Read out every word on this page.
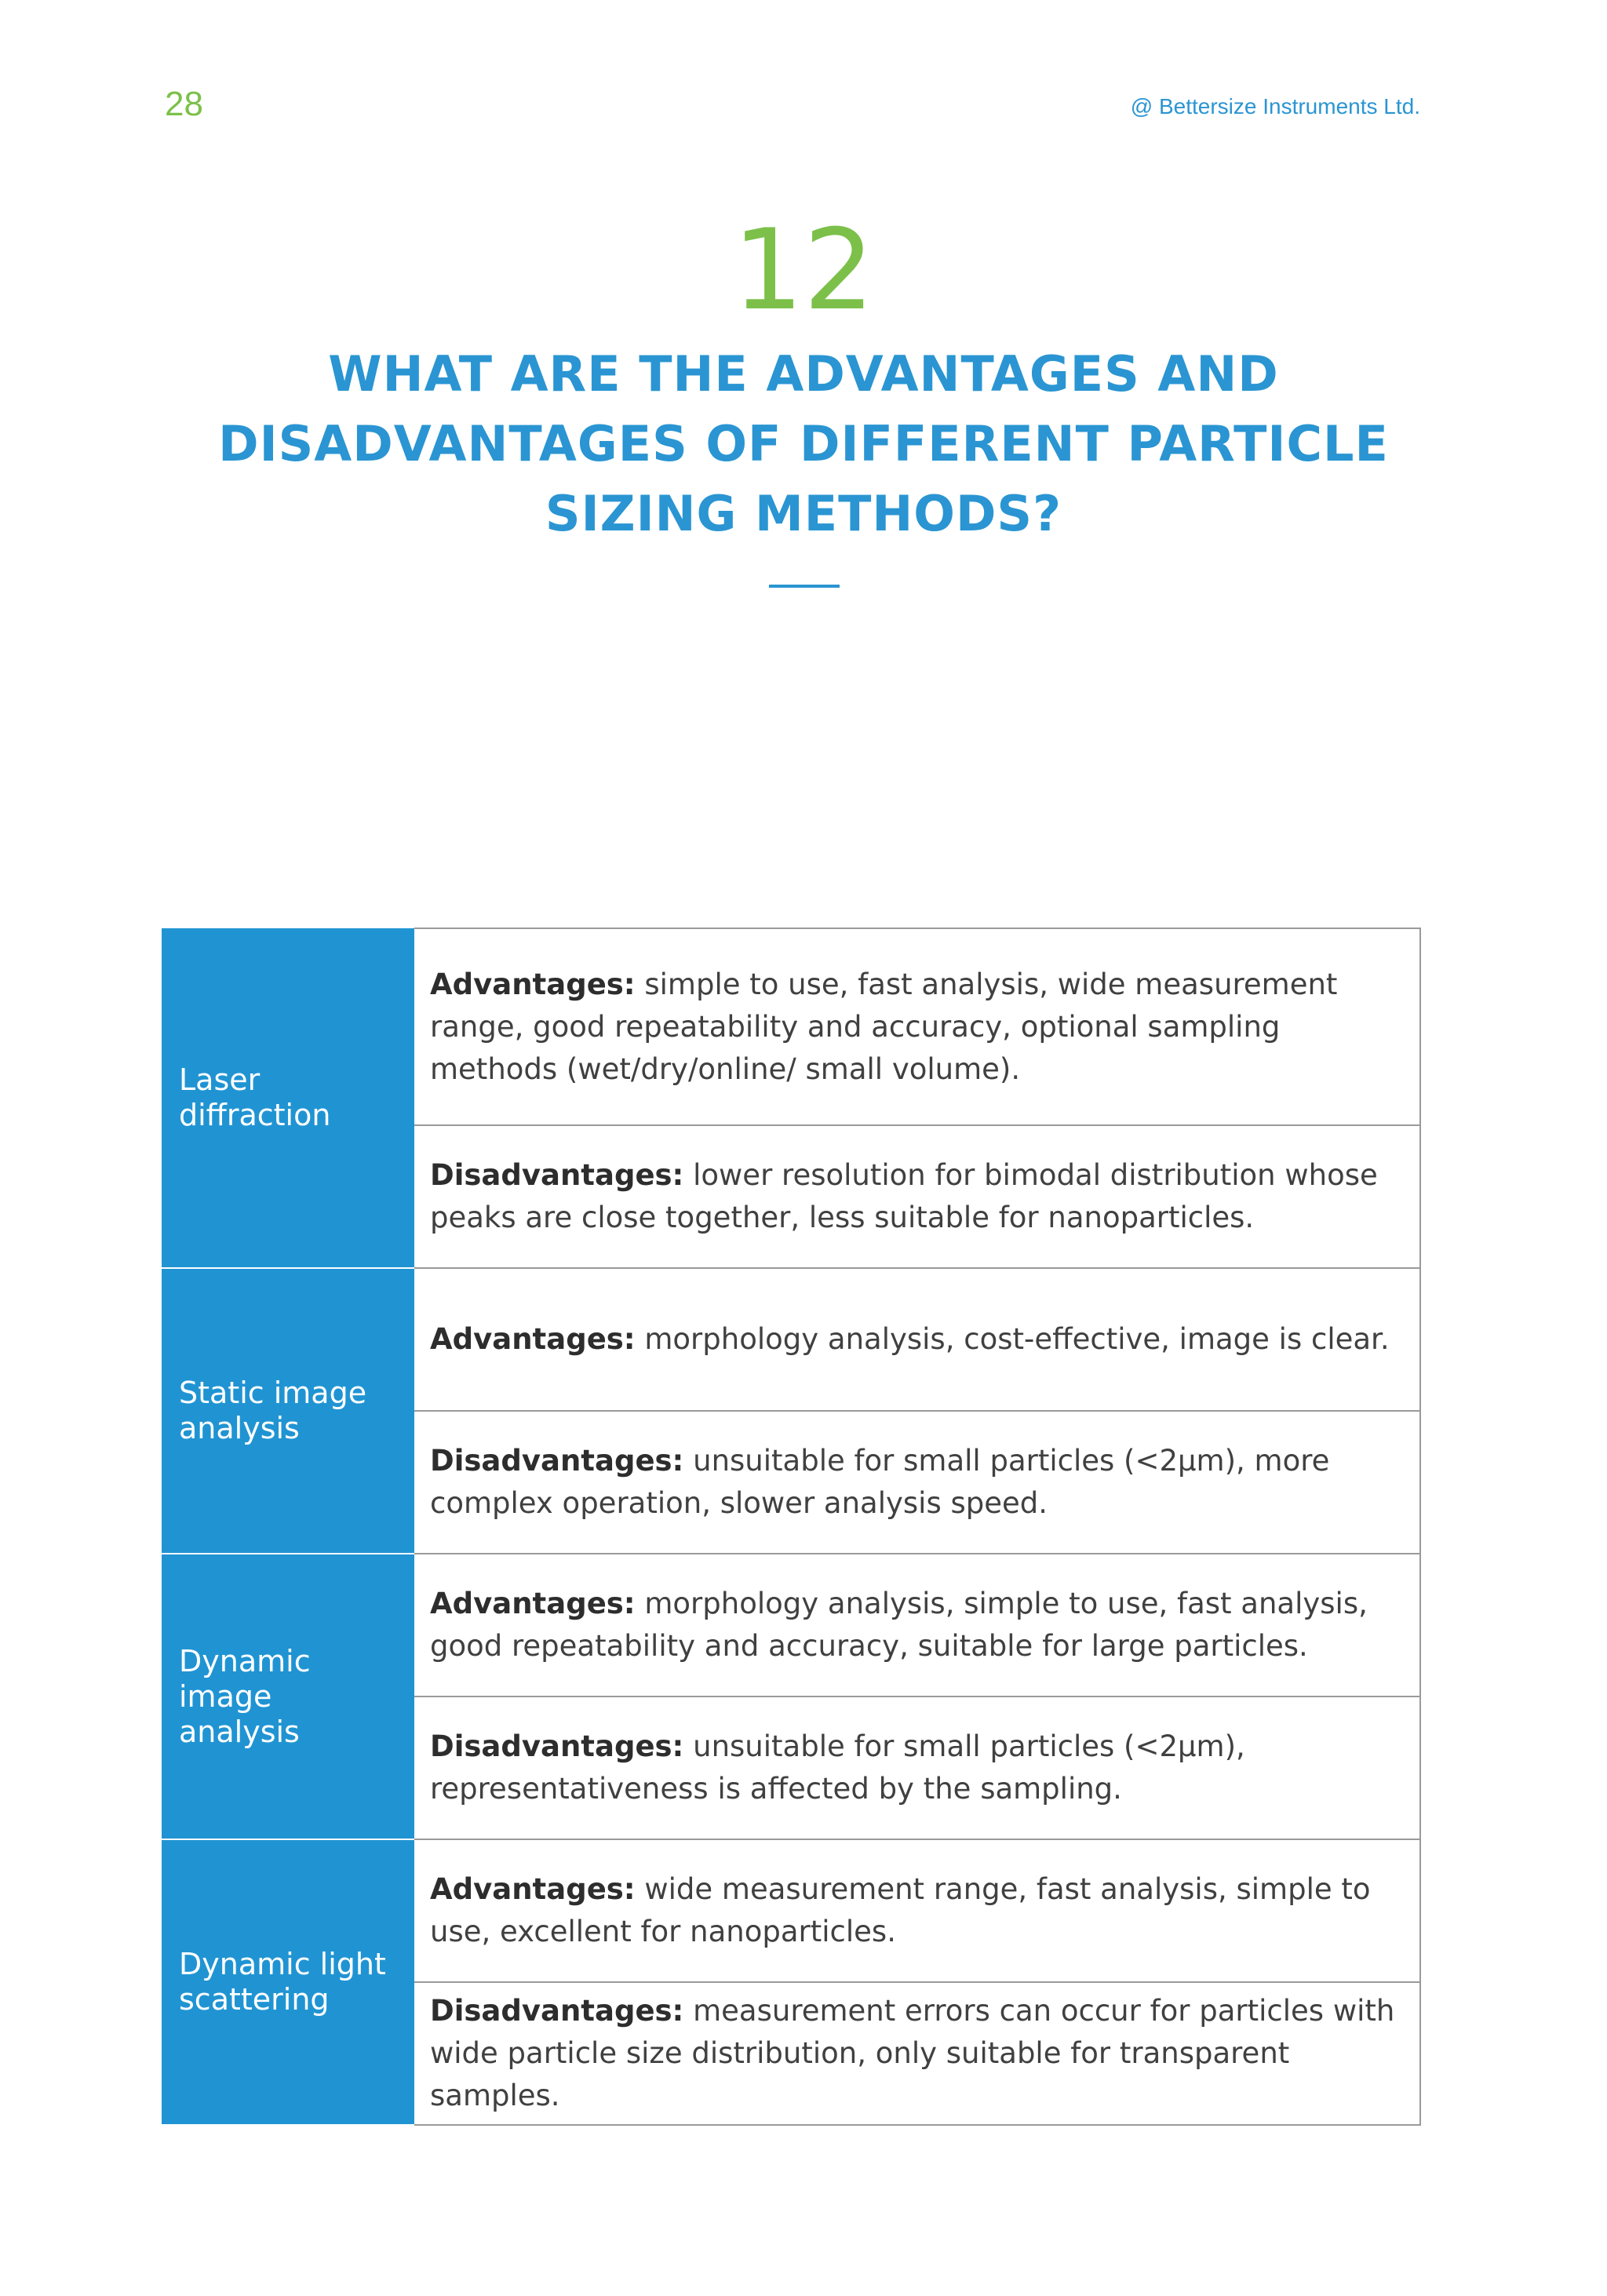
28	@ Bettersize Instruments Ltd.
12
WHAT ARE THE ADVANTAGES AND DISADVANTAGES OF DIFFERENT PARTICLE SIZING METHODS?
Laser diffraction	Advantages: simple to use, fast analysis, wide measurement range, good repeatability and accuracy, optional sampling methods (wet/dry/online/ small volume).
	Disadvantages: lower resolution for bimodal distribution whose peaks are close together, less suitable for nanoparticles.
Static image analysis	Advantages: morphology analysis, cost-effective, image is clear.
	Disadvantages: unsuitable for small particles (<2μm), more complex operation, slower analysis speed.
Dynamic image analysis	Advantages: morphology analysis, simple to use, fast analysis, good repeatability and accuracy, suitable for large particles.
	Disadvantages: unsuitable for small particles (<2μm), representativeness is affected by the sampling.
Dynamic light scattering	Advantages: wide measurement range, fast analysis, simple to use, excellent for nanoparticles.
	Disadvantages: measurement errors can occur for particles with wide particle size distribution, only suitable for transparent samples.
